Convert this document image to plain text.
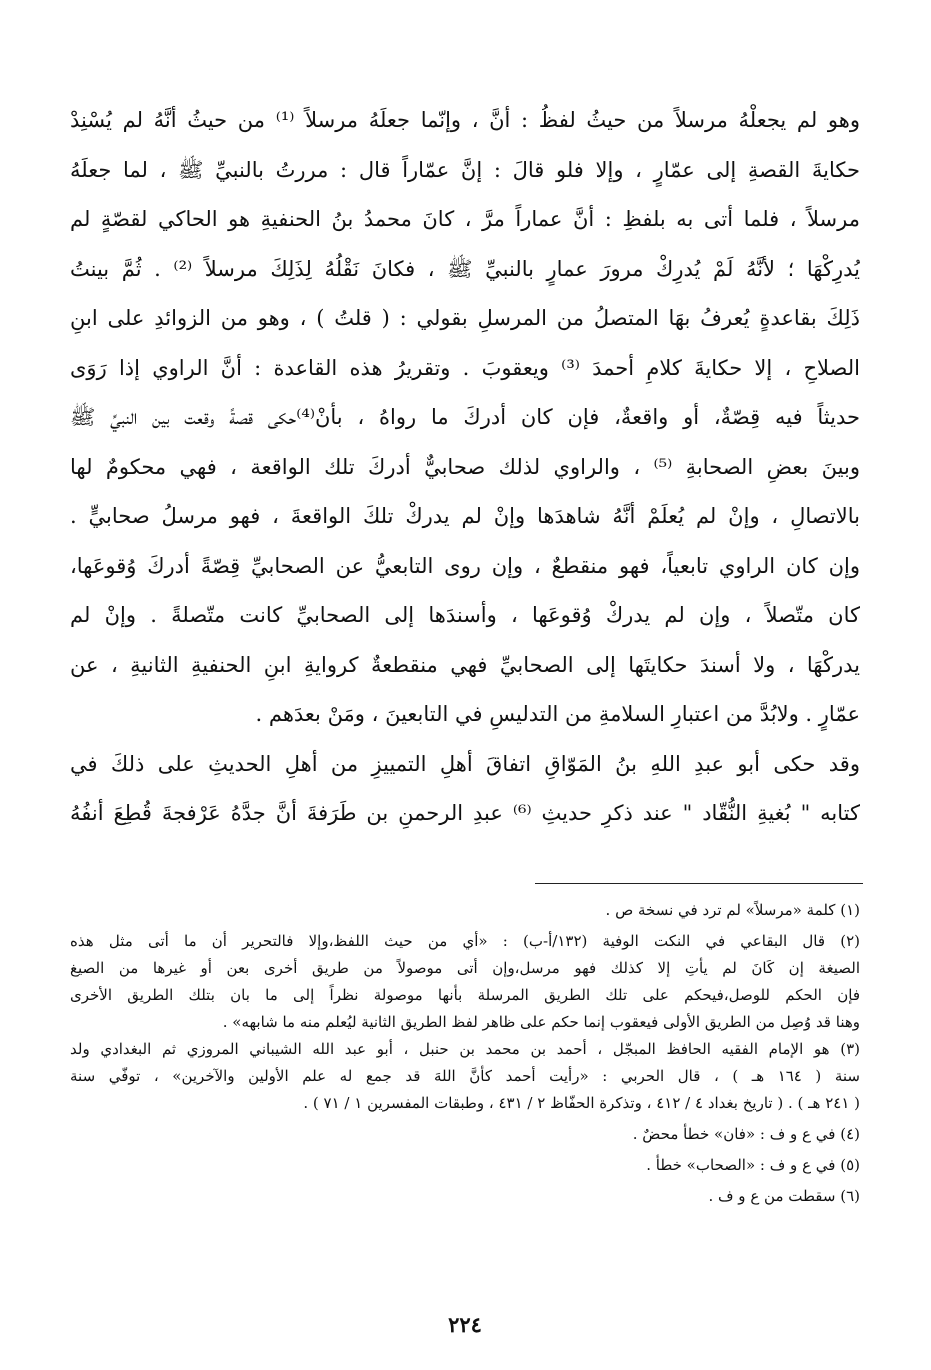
وهو لم يجعلْهُ مرسلاً من حيثُ لفظُ : أنَّ ، وإنّما جعلَهُ مرسلاً ⁽¹⁾ من حيثُ أنَّهُ لم يُسْنِدْ
حكايةَ القصةِ إلى عمّارٍ ، وإلا فلو قالَ : إنَّ عمّاراً قال : مررتُ بالنبيِّ ﷺ ، لما جعلَهُ
مرسلاً ، فلما أتى به بلفظِ : أنَّ عماراً مرَّ ، كانَ محمدُ بنُ الحنفيةِ هو الحاكي لقصّةٍ لم
يُدرِكْهَا ؛ لأنَّهُ لَمْ يُدرِكْ مرورَ عمارٍ بالنبيِّ ﷺ ، فكانَ نَقْلُهُ لِذَلِكَ مرسلاً ⁽²⁾ . ثُمَّ بينتُ
ذَلِكَ بقاعدةٍ يُعرفُ بهَا المتصلُ من المرسلِ بقولي : ( قلتُ ) ، وهو من الزوائدِ على ابنِ
الصلاحِ ، إلا حكايةَ كلامِ أحمدَ ⁽³⁾ ويعقوبَ . وتقريرُ هذه القاعدة : أنَّ الراوي إذا رَوَى
حديثاً فيه قِصّةٌ، أو واقعةٌ، فإن كان أدركَ ما رواهُ ، بأنْ⁽⁴⁾حكى قصةً وقعت بين النبيِّ ﷺ
وبينَ بعضِ الصحابةِ ⁽⁵⁾ ، والراوي لذلك صحابيٌّ أدركَ تلك الواقعة ، فهي محكومٌ لها
بالاتصالِ ، وإنْ لم يُعلَمْ أنَّهُ شاهدَها وإنْ لم يدركْ تلكَ الواقعةَ ، فهو مرسلُ صحابيٍّ .
وإن كان الراوي تابعياً، فهو منقطعٌ ، وإن روى التابعيُّ عن الصحابيِّ قِصّةً أدركَ وُقوعَها،
كان متّصلاً ، وإن لم يدركْ وُقوعَها ، وأسندَها إلى الصحابيِّ كانت متّصلةً . وإنْ لم
يدركْهَا ، ولا أسندَ حكايتَها إلى الصحابيِّ فهي منقطعةٌ كروايةِ ابنِ الحنفيةِ الثانيةِ ، عن
عمّارٍ . ولابُدَّ من اعتبارِ السلامةِ من التدليسِ في التابعينَ ، ومَنْ بعدَهم .
وقد حكى أبو عبدِ اللهِ بنُ المَوّاقِ اتفاقَ أهلِ التمييزِ من أهلِ الحديثِ على ذلكَ في
كتابه " بُغيةِ النُّقّاد " عند ذكرِ حديثِ ⁽⁶⁾ عبدِ الرحمنِ بن طَرَفةَ أنَّ جدَّهُ عَرْفجةَ قُطِعَ أنفُهُ
(١) كلمة «مرسلاً» لم ترد في نسخة ص .
(٢) قال البقاعي في النكت الوفية (١٣٢/أ-ب) : «أي من حيث اللفظ،وإلا فالتحرير أن ما أتى مثل هذه
الصيغة إن كَانَ لم يأتِ إلا كذلك فهو مرسل،وإن أتى موصولاً من طريق أخرى بعن أو غيرها من الصيغ
فإن الحكم للوصل،فيحكم على تلك الطريق المرسلة بأنها موصولة نظراً إلى ما بان بتلك الطريق الأخرى
وهنا قد وُصِل من الطريق الأولى فيعقوب إنما حكم على ظاهر لفظ الطريق الثانية ليُعلم منه ما شابهه» .
(٣) هو الإمام الفقيه الحافظ المبجّل ، أحمد بن محمد بن حنبل ، أبو عبد الله الشيباني المروزي ثم البغدادي ولد
سنة ( ١٦٤ هـ ) ، قال الحربي : «رأيت أحمد كأنَّ اللهَ قد جمع له علم الأولين والآخرين» ، توفّي سنة
( ٢٤١ هـ ) . ( تاريخ بغداد ٤ / ٤١٢ ، وتذكرة الحفّاظ ٢ / ٤٣١ ، وطبقات المفسرين ١ / ٧١ ) .
(٤) في ع و ف : «فان» خطأ محضٌ .
(٥) في ع و ف : «الصحاب» خطأ .
(٦) سقطت من ع و ف .
٢٢٤
